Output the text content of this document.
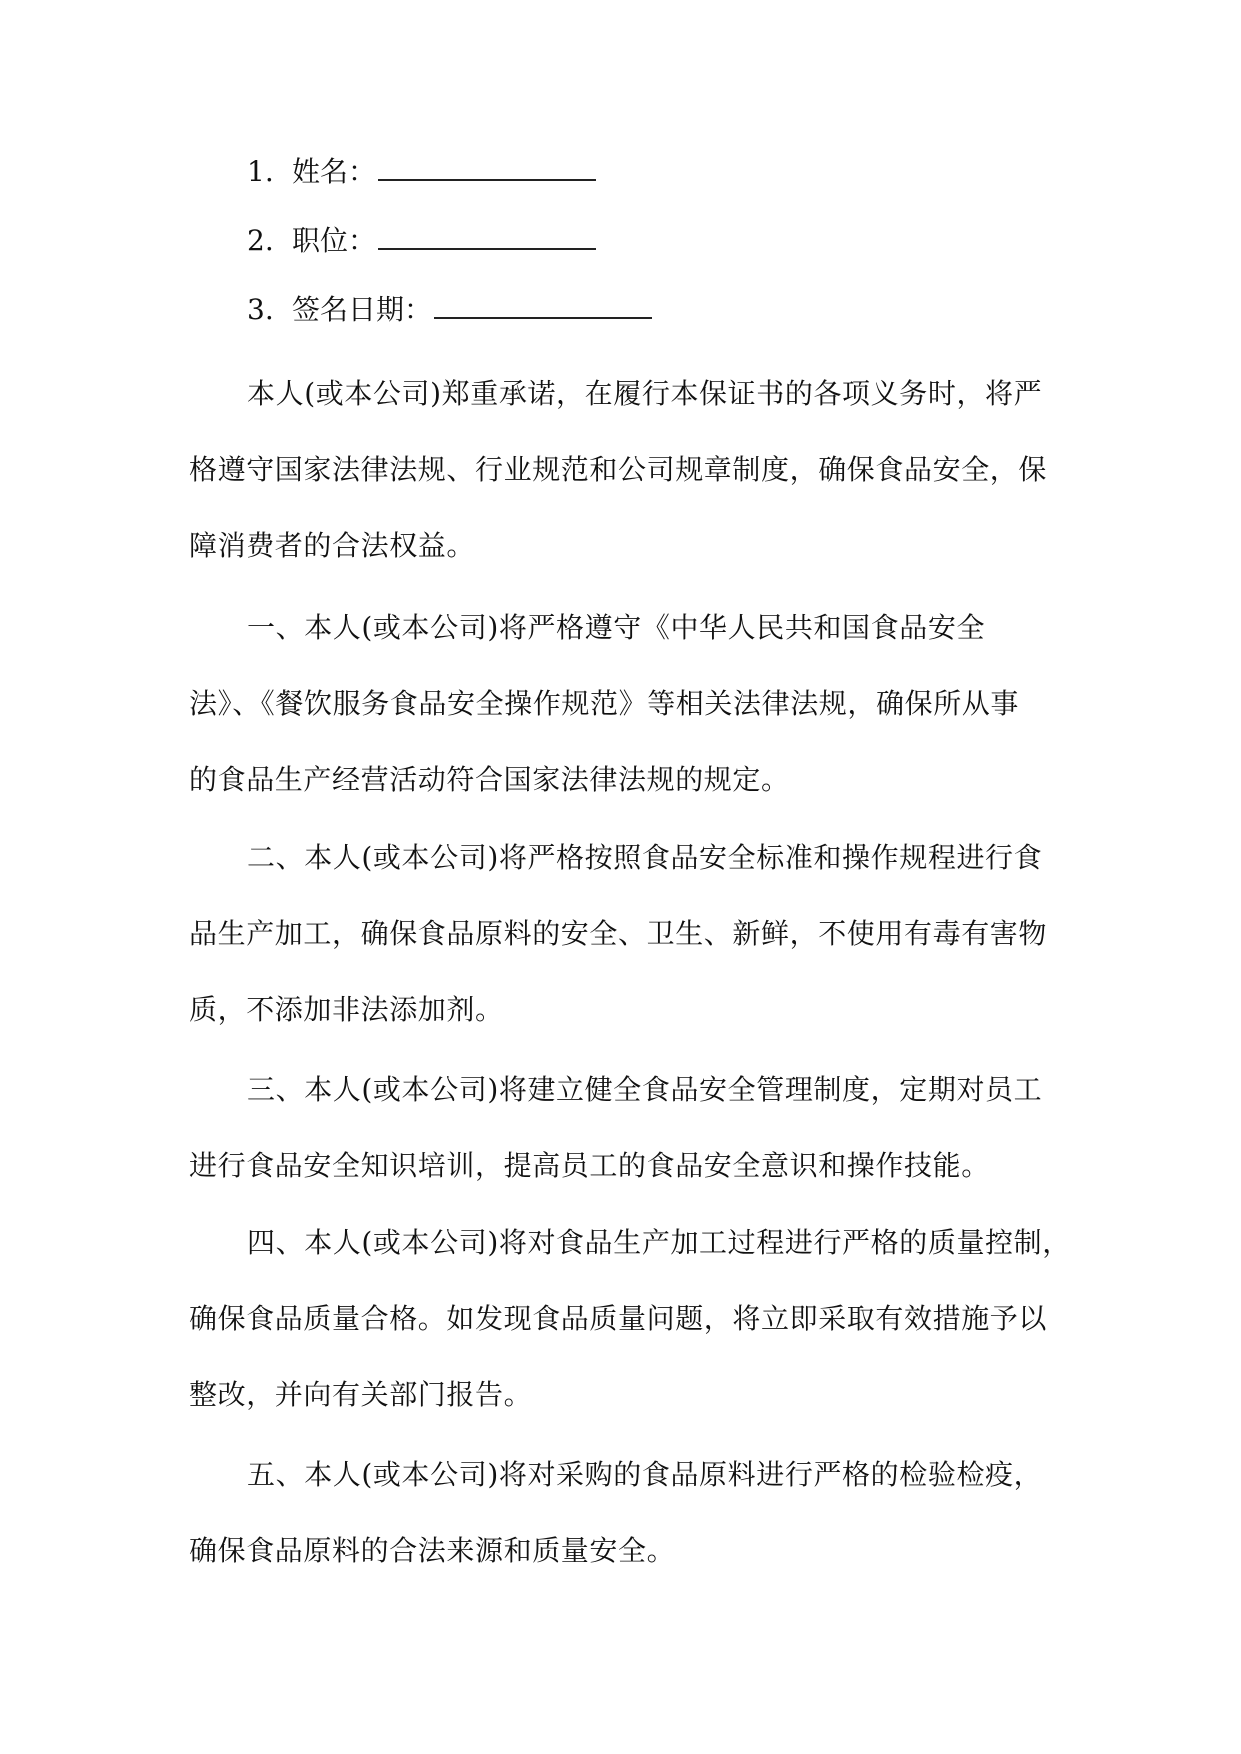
1. 姓名：
2. 职位：
3. 签名日期：
本人(或本公司)郑重承诺，在履行本保证书的各项义务时，将严
格遵守国家法律法规、行业规范和公司规章制度，确保食品安全，保
障消费者的合法权益。
一、本人(或本公司)将严格遵守《中华人民共和国食品安全
法》、《餐饮服务食品安全操作规范》等相关法律法规，确保所从事
的食品生产经营活动符合国家法律法规的规定。
二、本人(或本公司)将严格按照食品安全标准和操作规程进行食
品生产加工，确保食品原料的安全、卫生、新鲜，不使用有毒有害物
质，不添加非法添加剂。
三、本人(或本公司)将建立健全食品安全管理制度，定期对员工
进行食品安全知识培训，提高员工的食品安全意识和操作技能。
四、本人(或本公司)将对食品生产加工过程进行严格的质量控制，
确保食品质量合格。如发现食品质量问题，将立即采取有效措施予以
整改，并向有关部门报告。
五、本人(或本公司)将对采购的食品原料进行严格的检验检疫，
确保食品原料的合法来源和质量安全。
